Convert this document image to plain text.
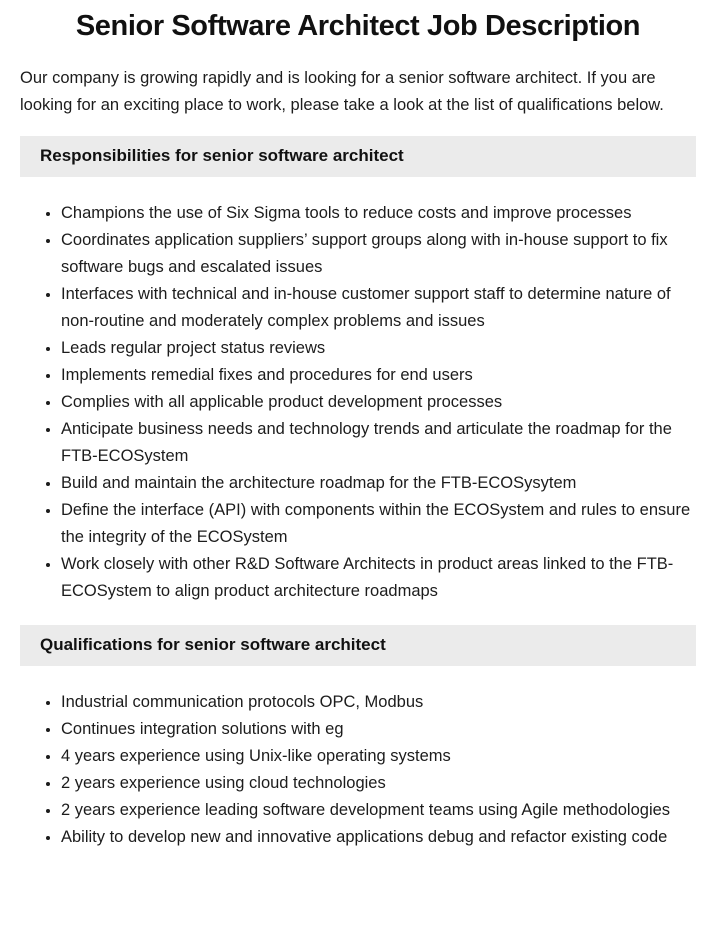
Senior Software Architect Job Description

Our company is growing rapidly and is looking for a senior software architect. If you are looking for an exciting place to work, please take a look at the list of qualifications below.

Responsibilities for senior software architect
• Champions the use of Six Sigma tools to reduce costs and improve processes
• Coordinates application suppliers’ support groups along with in-house support to fix software bugs and escalated issues
• Interfaces with technical and in-house customer support staff to determine nature of non-routine and moderately complex problems and issues
• Leads regular project status reviews
• Implements remedial fixes and procedures for end users
• Complies with all applicable product development processes
• Anticipate business needs and technology trends and articulate the roadmap for the FTB-ECOSystem
• Build and maintain the architecture roadmap for the FTB-ECOSysytem
• Define the interface (API) with components within the ECOSystem and rules to ensure the integrity of the ECOSystem
• Work closely with other R&D Software Architects in product areas linked to the FTB-ECOSystem to align product architecture roadmaps
Qualifications for senior software architect
• Industrial communication protocols OPC, Modbus
• Continues integration solutions with eg
• 4 years experience using Unix-like operating systems
• 2 years experience using cloud technologies
• 2 years experience leading software development teams using Agile methodologies
• Ability to develop new and innovative applications debug and refactor existing code
